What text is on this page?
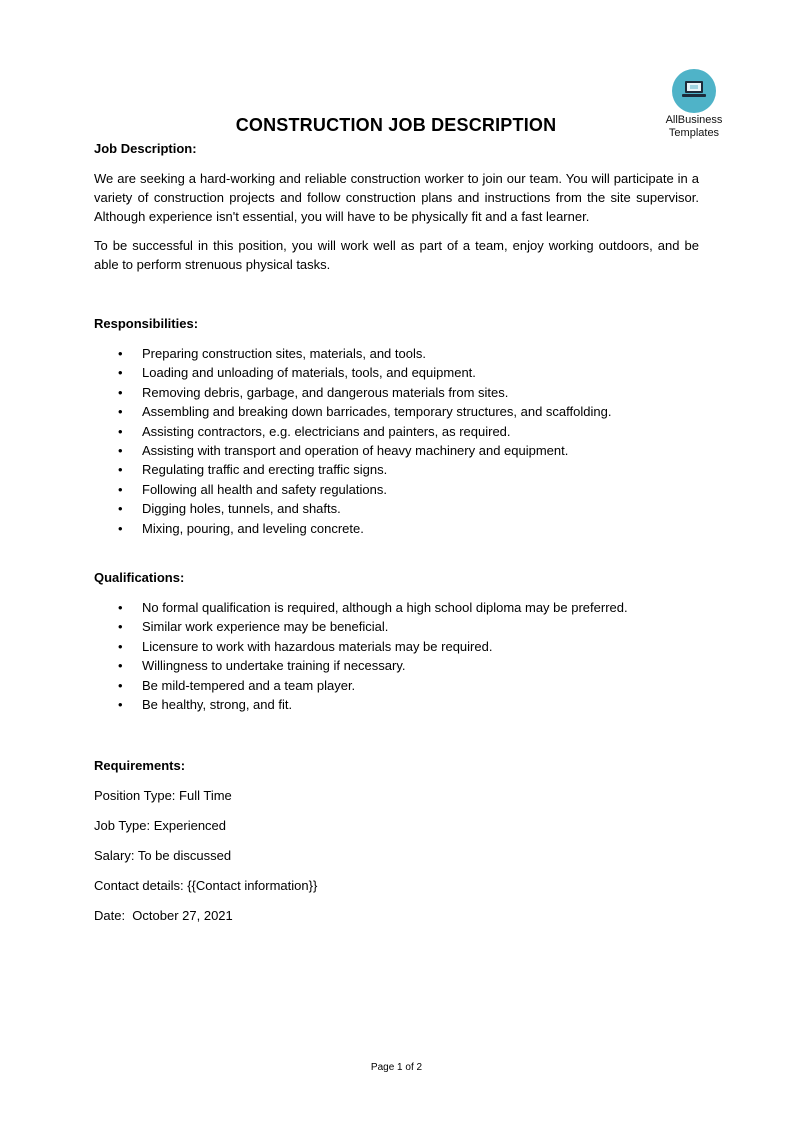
AllBusiness
Templates
CONSTRUCTION JOB DESCRIPTION
Job Description:

We are seeking a hard-working and reliable construction worker to join our team. You will participate in a variety of construction projects and follow construction plans and instructions from the site supervisor. Although experience isn't essential, you will have to be physically fit and a fast learner.

To be successful in this position, you will work well as part of a team, enjoy working outdoors, and be able to perform strenuous physical tasks.

Responsibilities:
• Preparing construction sites, materials, and tools.
• Loading and unloading of materials, tools, and equipment.
• Removing debris, garbage, and dangerous materials from sites.
• Assembling and breaking down barricades, temporary structures, and scaffolding.
• Assisting contractors, e.g. electricians and painters, as required.
• Assisting with transport and operation of heavy machinery and equipment.
• Regulating traffic and erecting traffic signs.
• Following all health and safety regulations.
• Digging holes, tunnels, and shafts.
• Mixing, pouring, and leveling concrete.
Qualifications:
• No formal qualification is required, although a high school diploma may be preferred.
• Similar work experience may be beneficial.
• Licensure to work with hazardous materials may be required.
• Willingness to undertake training if necessary.
• Be mild-tempered and a team player.
• Be healthy, strong, and fit.
Requirements:
Position Type: Full Time
Job Type: Experienced
Salary: To be discussed
Contact details: {{Contact information}}
Date:  October 27, 2021
Page 1 of 2
